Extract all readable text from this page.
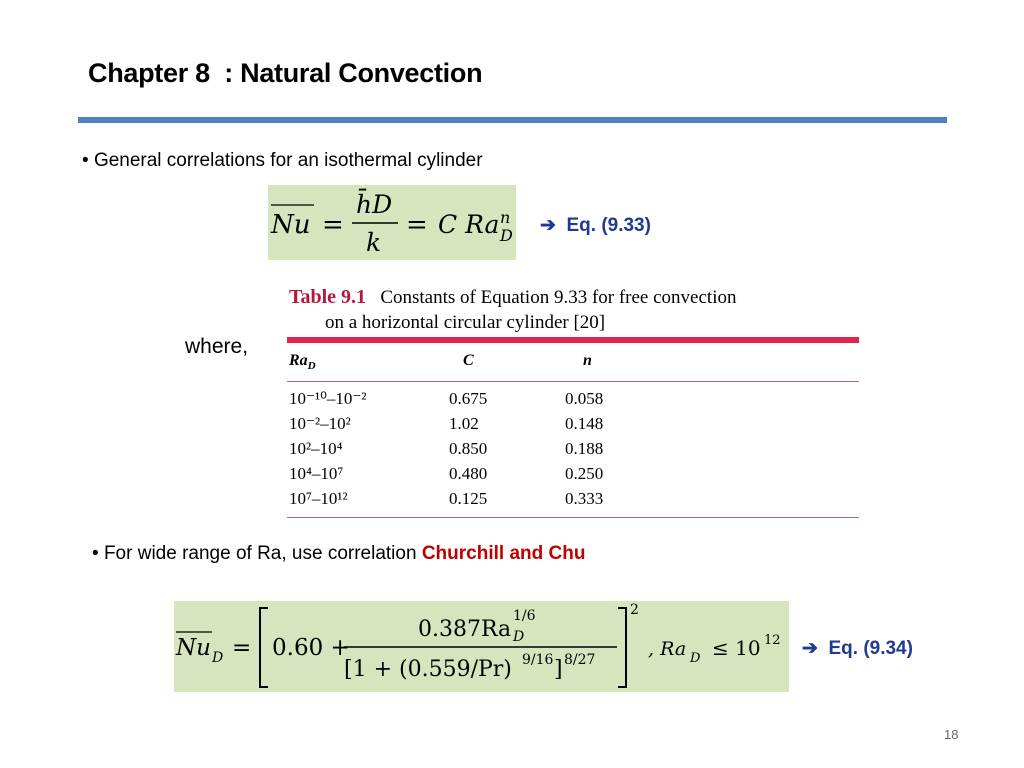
Chapter 8  : Natural Convection
• General correlations for an isothermal cylinder
Nu =
h̄D
k
= C Ra n
D ➔ Eq. (9.33)
where,
Table 9.1 Constants of Equation 9.33 for free convection
on a horizontal circular cylinder [20]
$Ra_D$	C	n
10⁻¹⁰–10⁻²	0.675	0.058
10⁻²–10²	1.02	0.148
10²–10⁴	0.850	0.188
10⁴–10⁷	0.480	0.250
10⁷–10¹²	0.125	0.333
• For wide range of Ra, use correlation Churchill and Chu
Nu D = 0.60 +
0.387Ra
1/6
D
[1 + (0.559/Pr) 9/16 ] 8/27
2
, Ra D ≤ 10 12 ➔ Eq. (9.34)
18
